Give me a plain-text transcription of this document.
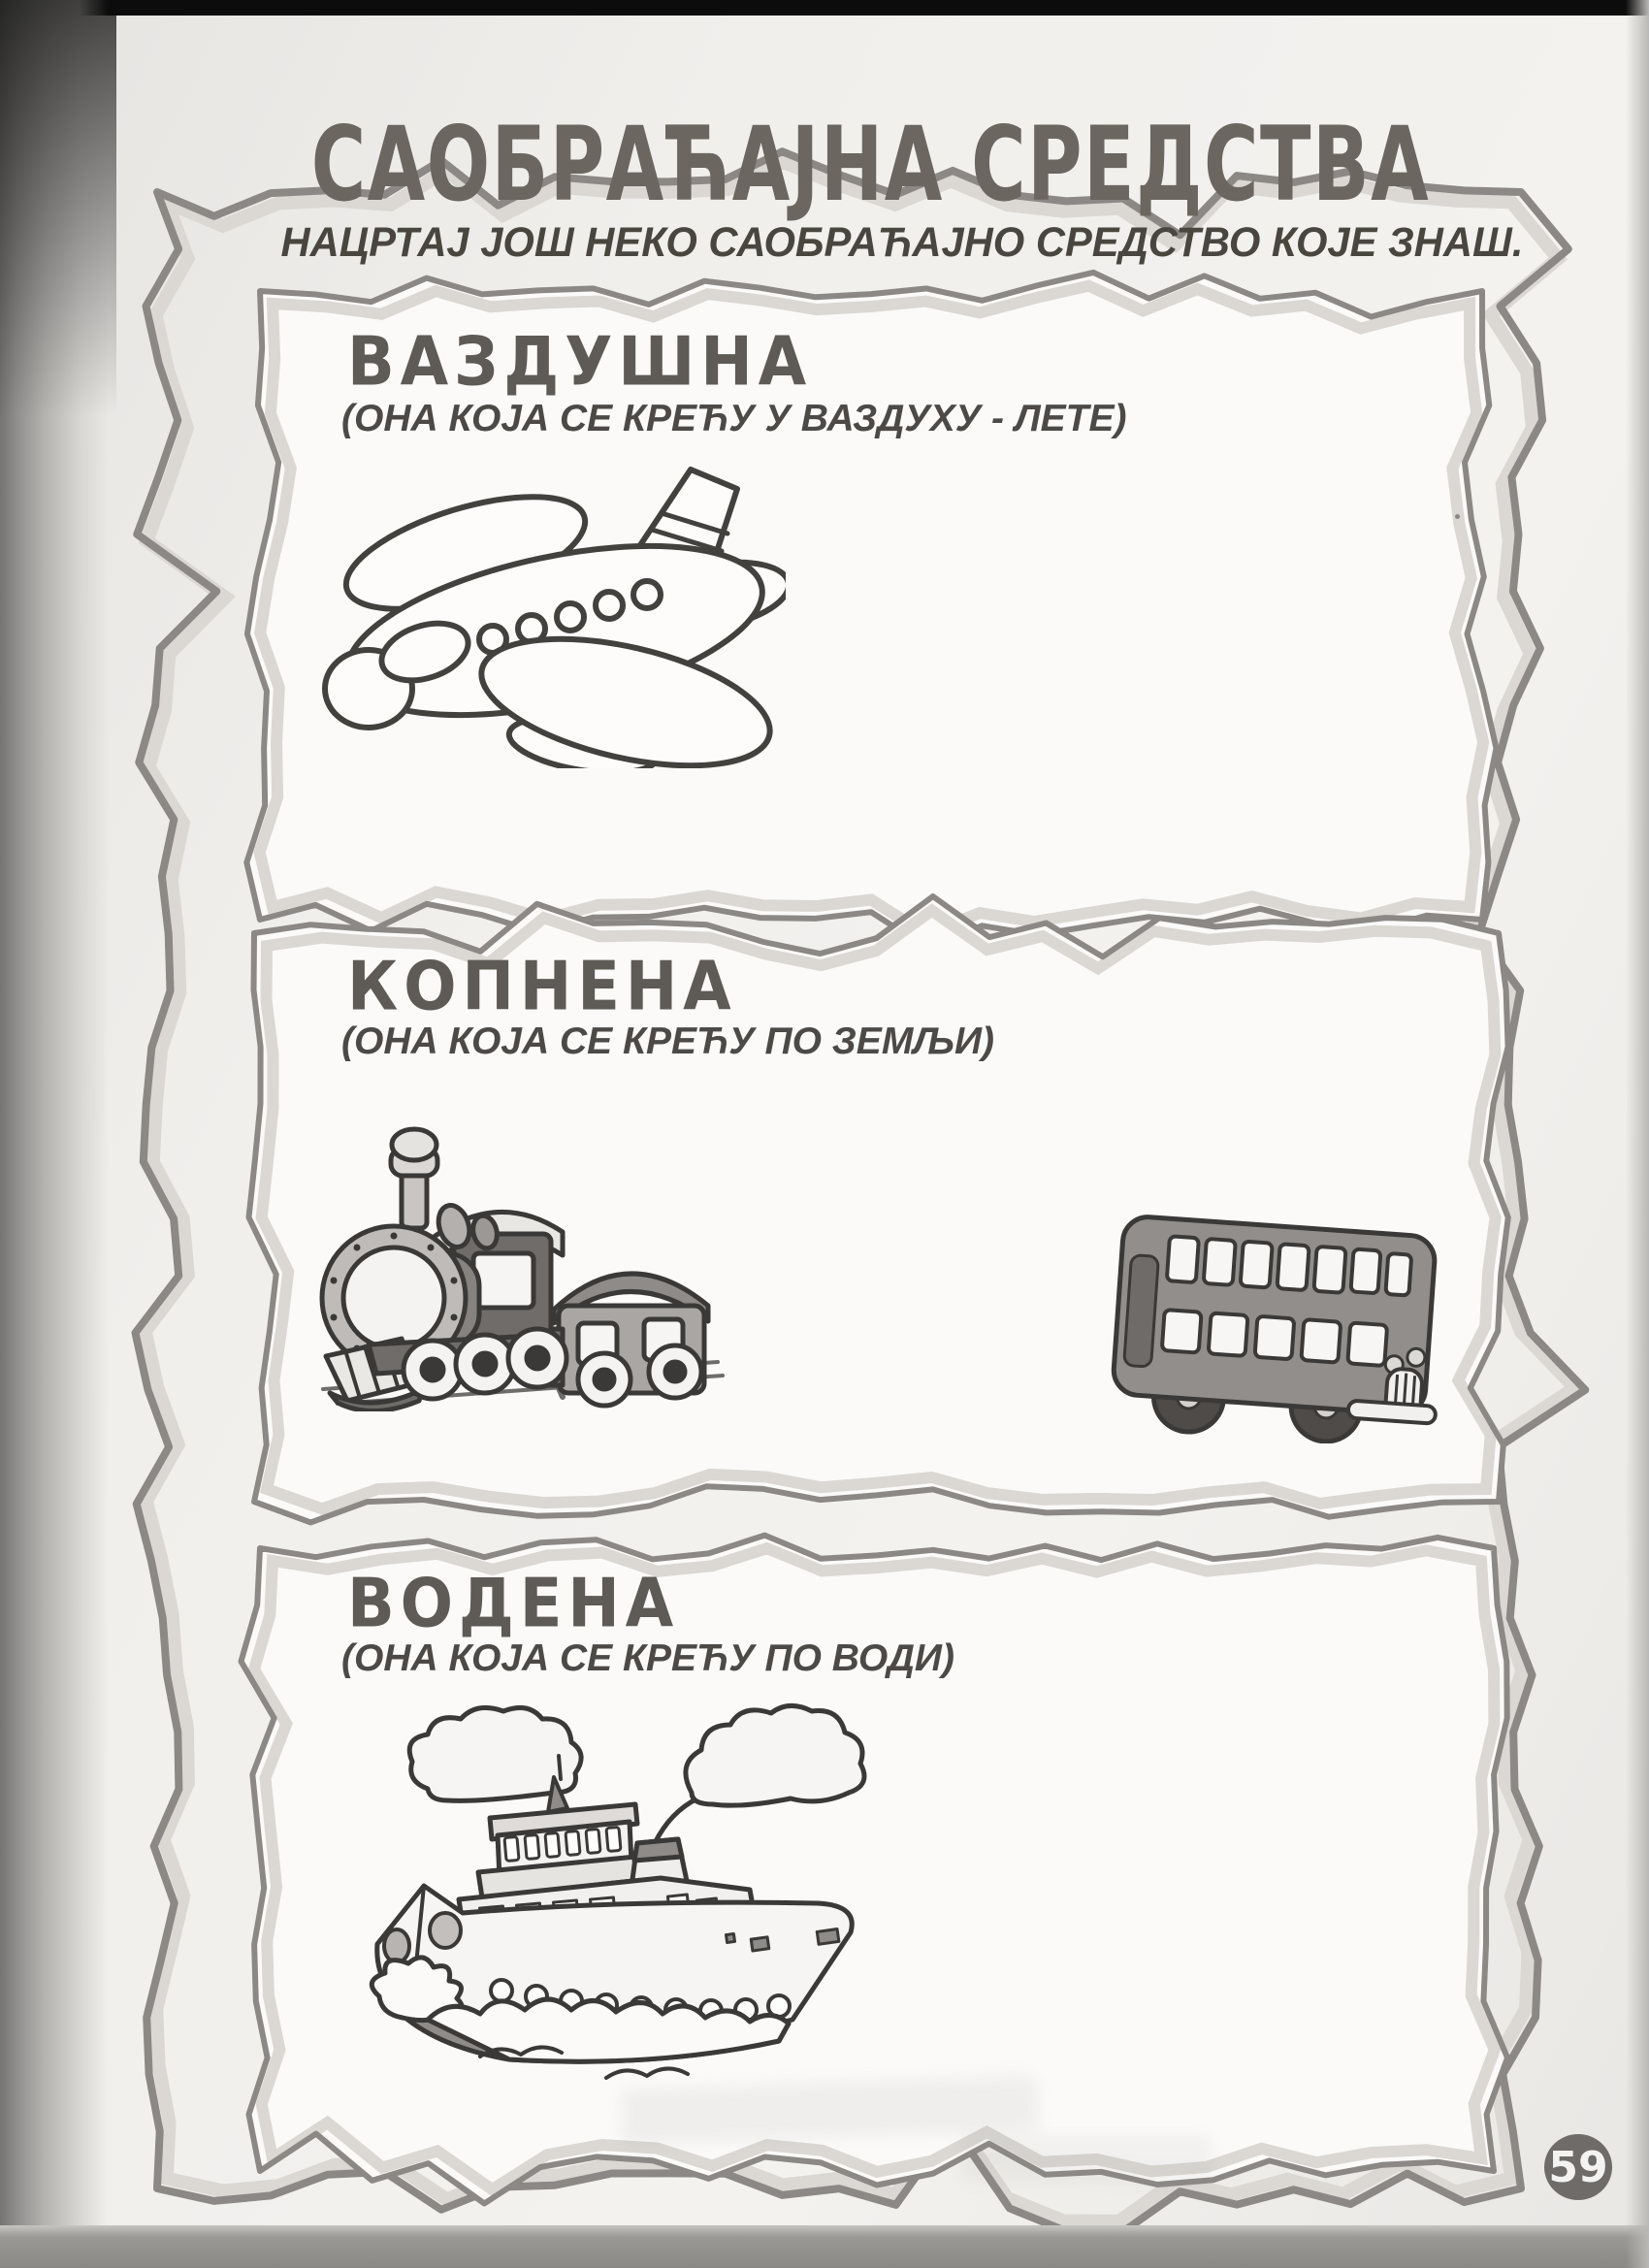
САОБРАЋАЈНА СРЕДСТВА
НАЦРТАЈ ЈОШ НЕКО САОБРАЋАЈНО СРЕДСТВО КОЈЕ ЗНАШ.
ВАЗДУШНА
(ОНА КОЈА СЕ КРЕЋУ У ВАЗДУХУ - ЛЕТЕ)
КОПНЕНА
(ОНА КОЈА СЕ КРЕЋУ ПО ЗЕМЉИ)
ВОДЕНА
(ОНА КОЈА СЕ КРЕЋУ ПО ВОДИ)
59
